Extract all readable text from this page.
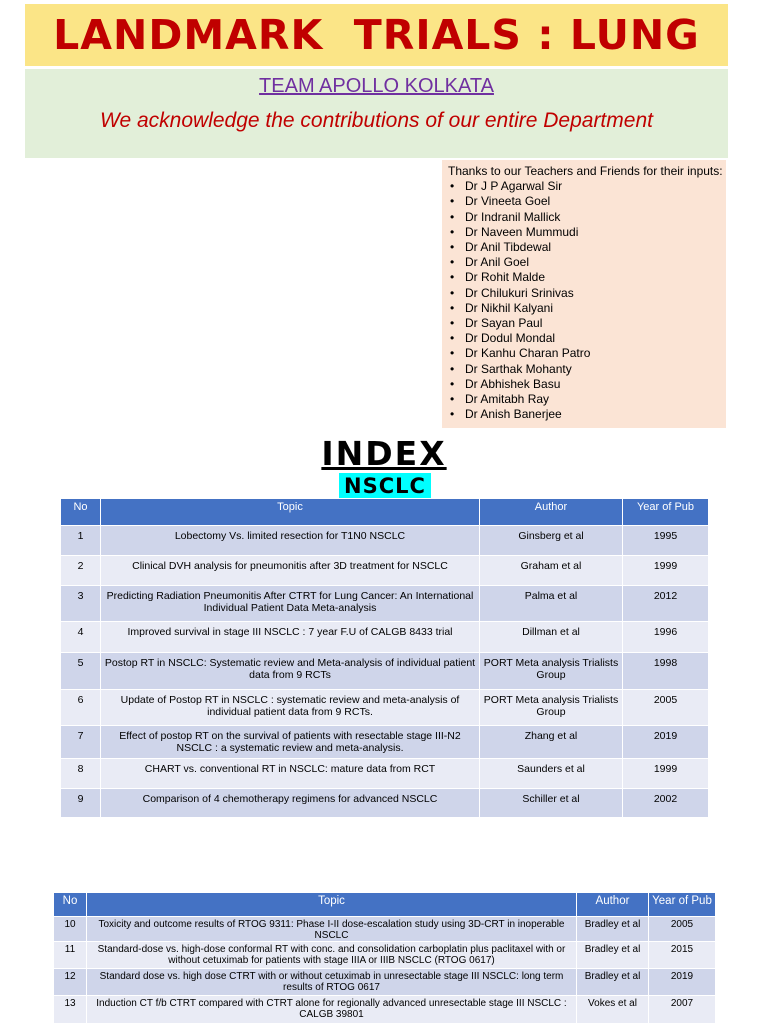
LANDMARK  TRIALS : LUNG
TEAM APOLLO KOLKATA
We acknowledge the contributions of our entire Department
Thanks to our Teachers and Friends for their inputs:
• Dr J P Agarwal Sir
• Dr Vineeta Goel
• Dr Indranil Mallick
• Dr Naveen Mummudi
• Dr Anil Tibdewal
• Dr Anil Goel
• Dr Rohit Malde
• Dr Chilukuri Srinivas
• Dr Nikhil Kalyani
• Dr Sayan Paul
• Dr Dodul Mondal
• Dr Kanhu Charan Patro
• Dr Sarthak Mohanty
• Dr Abhishek Basu
• Dr Amitabh Ray
• Dr Anish Banerjee
INDEX
NSCLC
No	Topic	Author	Year of Pub
1	Lobectomy Vs. limited resection for T1N0 NSCLC	Ginsberg et al	1995
2	Clinical DVH analysis for pneumonitis after 3D treatment for NSCLC	Graham et al	1999
3	Predicting Radiation Pneumonitis After CTRT for Lung Cancer: An International Individual Patient Data Meta-analysis	Palma et al	2012
4	Improved survival in stage III NSCLC : 7 year F.U of CALGB 8433 trial	Dillman et al	1996
5	Postop RT in NSCLC: Systematic review and Meta-analysis of individual patient data from 9 RCTs	PORT Meta analysis Trialists Group	1998
6	Update of Postop RT in NSCLC : systematic review and meta-analysis of individual patient data from 9 RCTs.	PORT Meta analysis Trialists Group	2005
7	Effect of postop RT on the survival of patients with resectable stage III-N2 NSCLC : a systematic review and meta-analysis.	Zhang et al	2019
8	CHART vs. conventional RT in NSCLC: mature data from RCT	Saunders et al	1999
9	Comparison of 4 chemotherapy regimens for advanced NSCLC	Schiller et al	2002
No	Topic	Author	Year of Pub
10	Toxicity and outcome results of RTOG 9311: Phase I-II dose-escalation study using 3D-CRT in inoperable NSCLC	Bradley et al	2005
11	Standard-dose vs. high-dose conformal RT with conc. and consolidation carboplatin plus paclitaxel with or without cetuximab for patients with stage IIIA or IIIB NSCLC (RTOG 0617)	Bradley et al	2015
12	Standard dose vs. high dose CTRT with or without cetuximab in unresectable stage III NSCLC: long term results of RTOG 0617	Bradley et al	2019
13	Induction CT f/b CTRT compared with CTRT alone for regionally advanced unresectable stage III NSCLC : CALGB 39801	Vokes et al	2007
